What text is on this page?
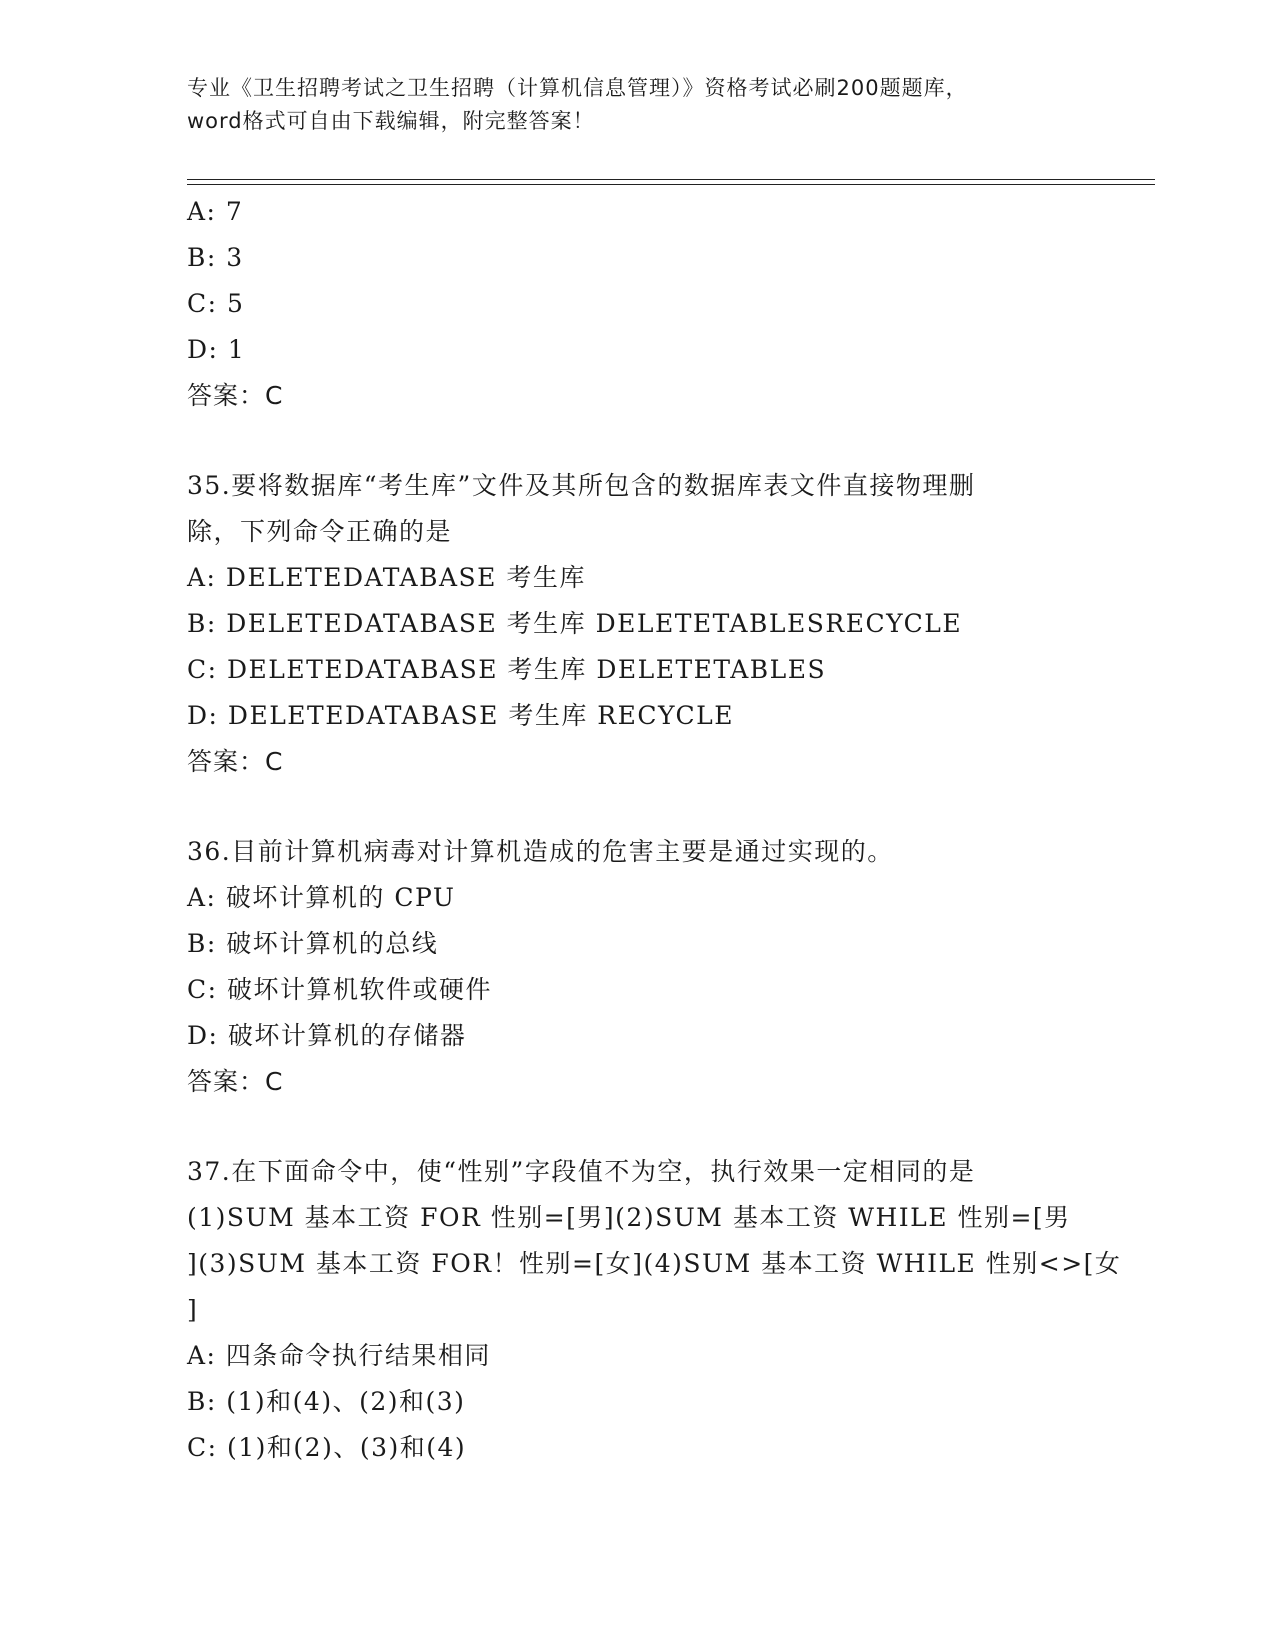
专业《卫生招聘考试之卫生招聘（计算机信息管理）》资格考试必刷200题题库，
word格式可自由下载编辑，附完整答案！
A: 7
B: 3
C: 5
D: 1
答案：C
35.要将数据库“考生库”文件及其所包含的数据库表文件直接物理删
除，下列命令正确的是
A: DELETEDATABASE 考生库
B: DELETEDATABASE 考生库 DELETETABLESRECYCLE
C: DELETEDATABASE 考生库 DELETETABLES
D: DELETEDATABASE 考生库 RECYCLE
答案：C
36.目前计算机病毒对计算机造成的危害主要是通过实现的。
A: 破坏计算机的 CPU
B: 破坏计算机的总线
C: 破坏计算机软件或硬件
D: 破坏计算机的存储器
答案：C
37.在下面命令中，使“性别”字段值不为空，执行效果一定相同的是
(1)SUM 基本工资 FOR 性别=[男](2)SUM 基本工资 WHILE 性别=[男
](3)SUM 基本工资 FOR！性别=[女](4)SUM 基本工资 WHILE 性别<>[女
]
A: 四条命令执行结果相同
B: (1)和(4)、(2)和(3)
C: (1)和(2)、(3)和(4)
